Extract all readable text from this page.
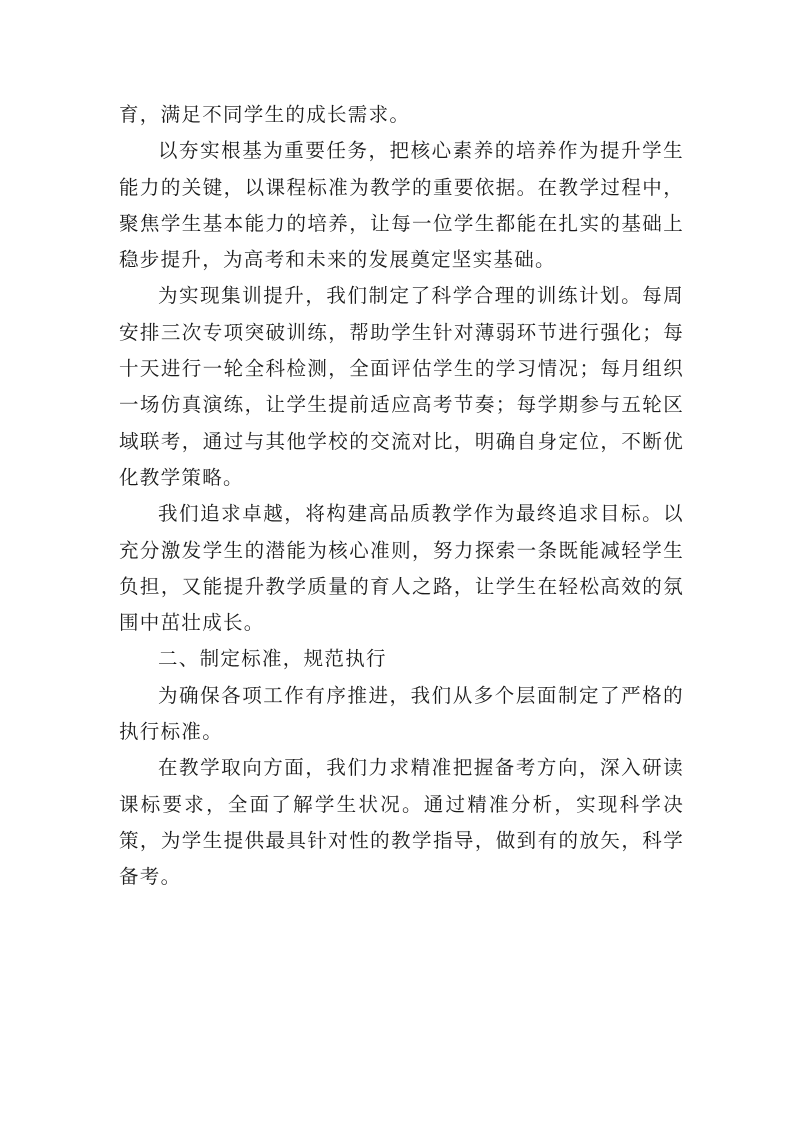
育，满足不同学生的成长需求。

以夯实根基为重要任务，把核心素养的培养作为提升学生能力的关键，以课程标准为教学的重要依据。在教学过程中，聚焦学生基本能力的培养，让每一位学生都能在扎实的基础上稳步提升，为高考和未来的发展奠定坚实基础。

为实现集训提升，我们制定了科学合理的训练计划。每周安排三次专项突破训练，帮助学生针对薄弱环节进行强化；每十天进行一轮全科检测，全面评估学生的学习情况；每月组织一场仿真演练，让学生提前适应高考节奏；每学期参与五轮区域联考，通过与其他学校的交流对比，明确自身定位，不断优化教学策略。

我们追求卓越，将构建高品质教学作为最终追求目标。以充分激发学生的潜能为核心准则，努力探索一条既能减轻学生负担，又能提升教学质量的育人之路，让学生在轻松高效的氛围中茁壮成长。

二、制定标准，规范执行

为确保各项工作有序推进，我们从多个层面制定了严格的执行标准。

在教学取向方面，我们力求精准把握备考方向，深入研读课标要求，全面了解学生状况。通过精准分析，实现科学决策，为学生提供最具针对性的教学指导，做到有的放矢，科学备考。
